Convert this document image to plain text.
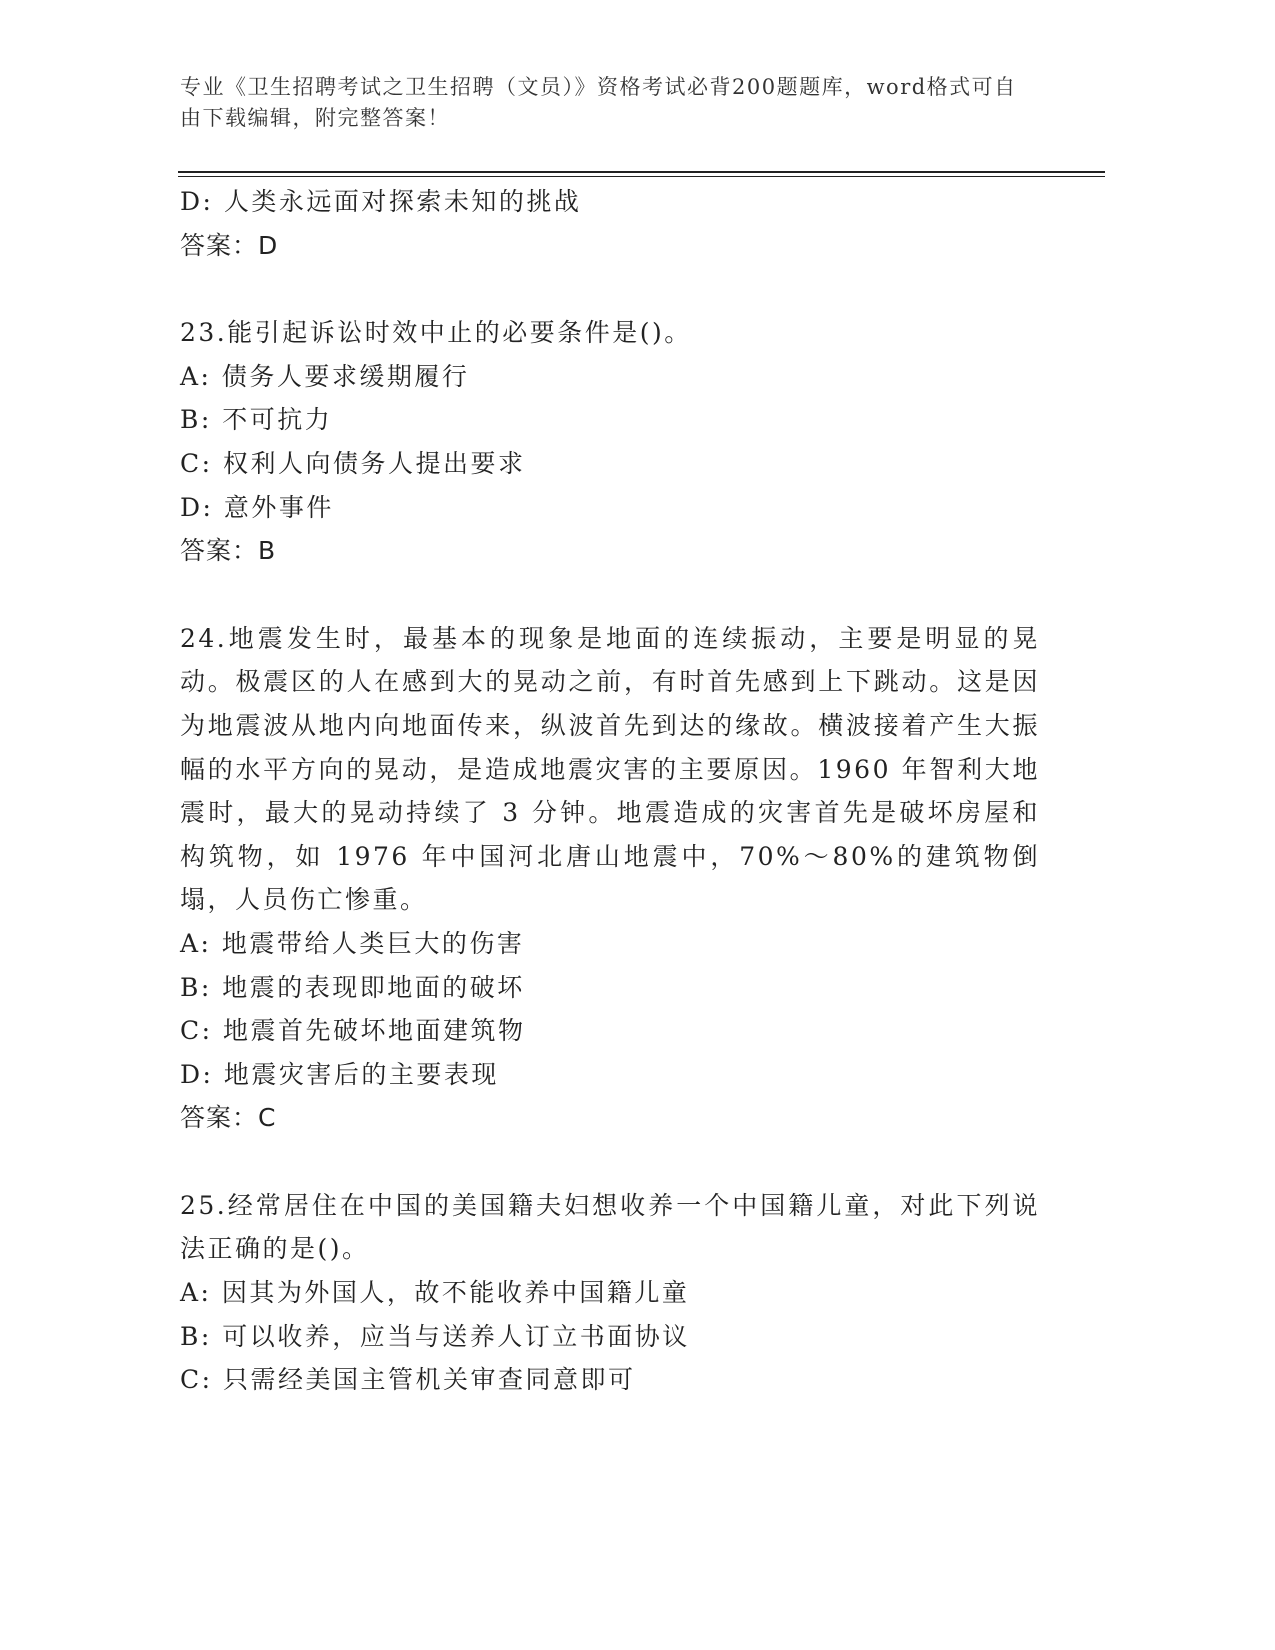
专业《卫生招聘考试之卫生招聘（文员）》资格考试必背200题题库，word格式可自由下载编辑，附完整答案！
D: 人类永远面对探索未知的挑战
答案：D
23.能引起诉讼时效中止的必要条件是()。
A: 债务人要求缓期履行
B: 不可抗力
C: 权利人向债务人提出要求
D: 意外事件
答案：B
24.地震发生时，最基本的现象是地面的连续振动，主要是明显的晃动。极震区的人在感到大的晃动之前，有时首先感到上下跳动。这是因为地震波从地内向地面传来，纵波首先到达的缘故。横波接着产生大振幅的水平方向的晃动，是造成地震灾害的主要原因。1960 年智利大地震时，最大的晃动持续了 3 分钟。地震造成的灾害首先是破坏房屋和构筑物，如 1976 年中国河北唐山地震中，70%～80%的建筑物倒塌，人员伤亡惨重。
A: 地震带给人类巨大的伤害
B: 地震的表现即地面的破坏
C: 地震首先破坏地面建筑物
D: 地震灾害后的主要表现
答案：C
25.经常居住在中国的美国籍夫妇想收养一个中国籍儿童，对此下列说法正确的是()。
A: 因其为外国人，故不能收养中国籍儿童
B: 可以收养，应当与送养人订立书面协议
C: 只需经美国主管机关审查同意即可
